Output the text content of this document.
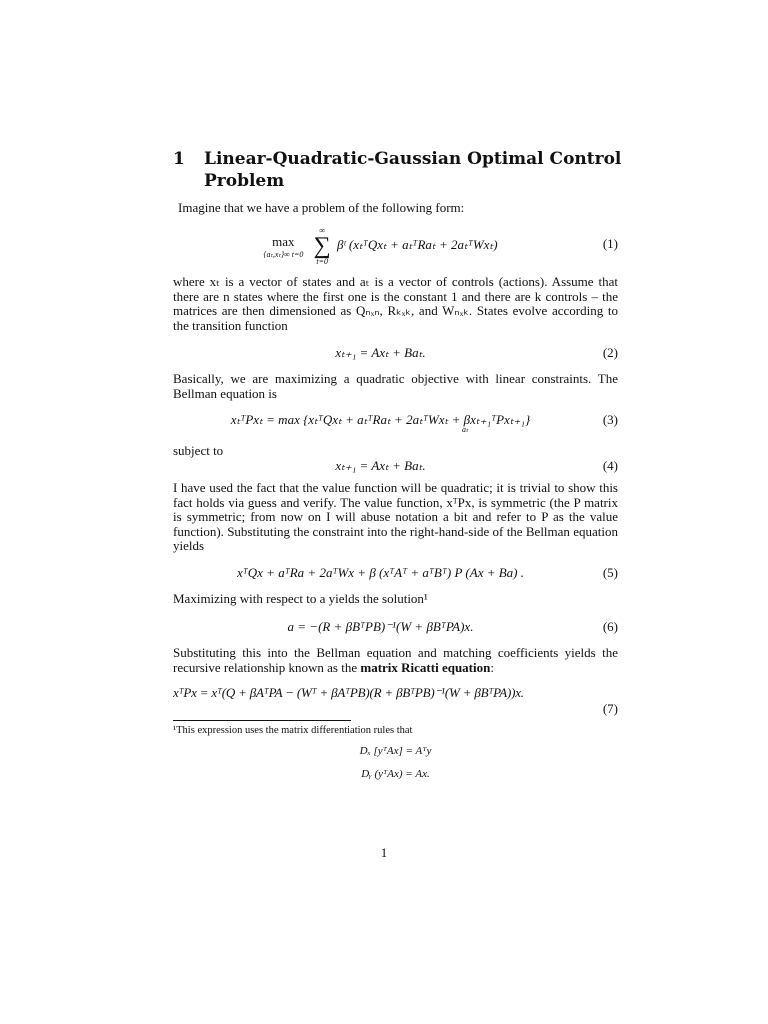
1 Linear-Quadratic-Gaussian Optimal Control Problem
Imagine that we have a problem of the following form:
max
{aₜ,xₜ}∞ t=0

∞
∑
t=0
βᵗ (xₜᵀQxₜ + aₜᵀRaₜ + 2aₜᵀWxₜ)	(1)
where xₜ is a vector of states and aₜ is a vector of controls (actions). Assume that there are n states where the first one is the constant 1 and there are k controls – the matrices are then dimensioned as Qₙₓₙ, Rₖₓₖ, and Wₙₓₖ. States evolve according to the transition function
xₜ₊₁ = Axₜ + Baₜ.	(2)
Basically, we are maximizing a quadratic objective with linear constraints. The Bellman equation is
xₜᵀPxₜ = max {xₜᵀQxₜ + aₜᵀRaₜ + 2aₜᵀWxₜ + βxₜ₊₁ᵀPxₜ₊₁}
aₜ
(3)
subject to
xₜ₊₁ = Axₜ + Baₜ.	(4)
I have used the fact that the value function will be quadratic; it is trivial to show this fact holds via guess and verify. The value function, xᵀPx, is symmetric (the P matrix is symmetric; from now on I will abuse notation a bit and refer to P as the value function). Substituting the constraint into the right-hand-side of the Bellman equation yields
xᵀQx + aᵀRa + 2aᵀWx + β (xᵀAᵀ + aᵀBᵀ) P (Ax + Ba) .	(5)
Maximizing with respect to a yields the solution¹
a = −(R + βBᵀPB)⁻¹(W + βBᵀPA)x.	(6)
Substituting this into the Bellman equation and matching coefficients yields the recursive relationship known as the matrix Ricatti equation:
xᵀPx = xᵀ(Q + βAᵀPA − (Wᵀ + βAᵀPB)(R + βBᵀPB)⁻¹(W + βBᵀPA))x.
(7)
¹This expression uses the matrix differentiation rules that
Dₓ [yᵀAx] = Aᵀy
Dᵧ (yᵀAx) = Ax.
1
